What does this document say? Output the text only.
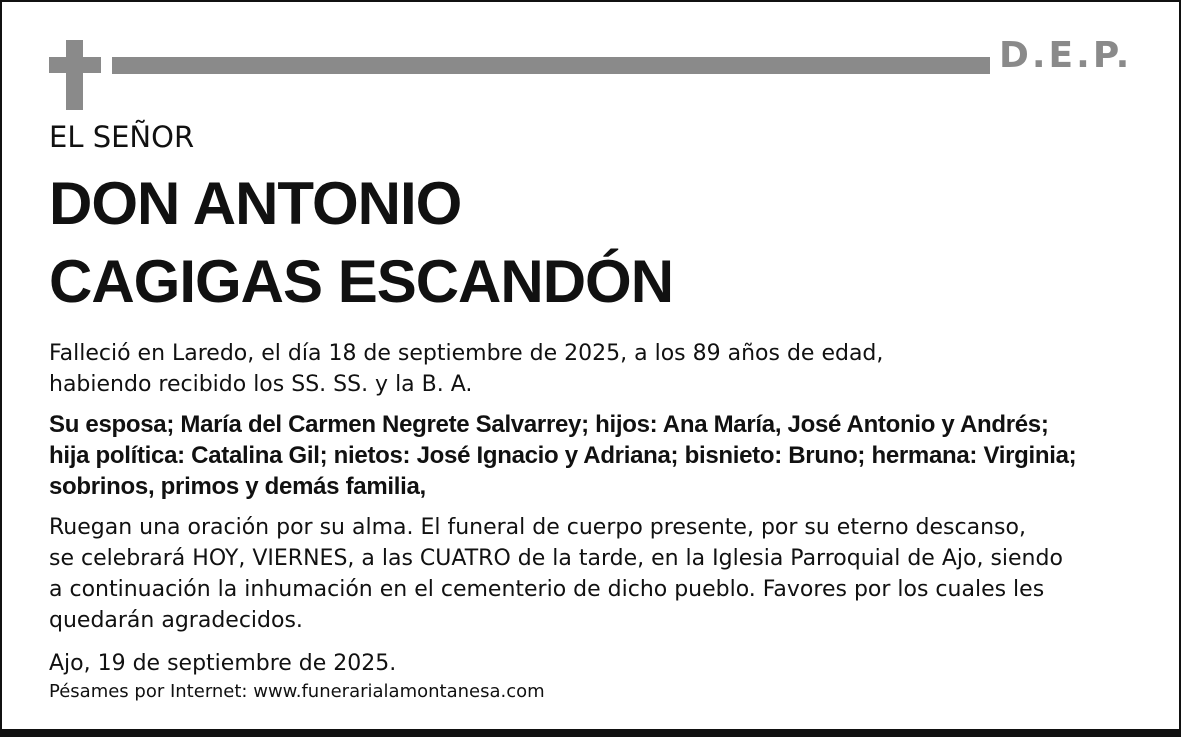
D.E.P.
EL SEÑOR
DON ANTONIO
CAGIGAS ESCANDÓN
Falleció en Laredo, el día 18 de septiembre de 2025, a los 89 años de edad,
habiendo recibido los SS. SS. y la B. A.
Su esposa; María del Carmen Negrete Salvarrey; hijos: Ana María, José Antonio y Andrés;
hija política: Catalina Gil; nietos: José Ignacio y Adriana; bisnieto: Bruno; hermana: Virginia;
sobrinos, primos y demás familia,
Ruegan una oración por su alma. El funeral de cuerpo presente, por su eterno descanso,
se celebrará HOY, VIERNES, a las CUATRO de la tarde, en la Iglesia Parroquial de Ajo, siendo
a continuación la inhumación en el cementerio de dicho pueblo. Favores por los cuales les
quedarán agradecidos.
Ajo, 19 de septiembre de 2025.
Pésames por Internet: www.funerarialamontanesa.com
